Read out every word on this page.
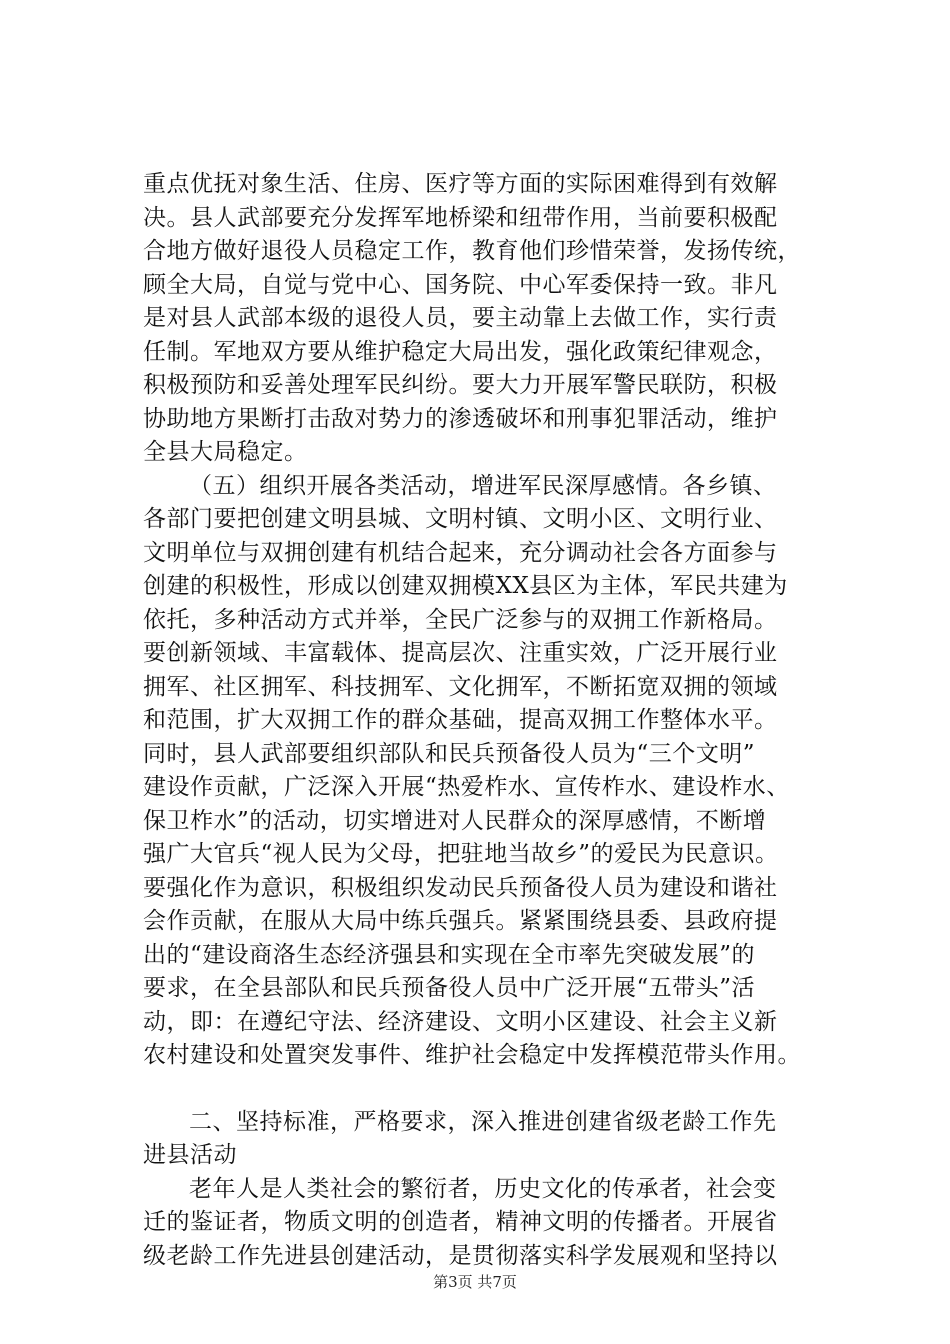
重点优抚对象生活、住房、医疗等方面的实际困难得到有效解
决。县人武部要充分发挥军地桥梁和纽带作用，当前要积极配
合地方做好退役人员稳定工作，教育他们珍惜荣誉，发扬传统，
顾全大局，自觉与党中心、国务院、中心军委保持一致。非凡
是对县人武部本级的退役人员，要主动靠上去做工作，实行责
任制。军地双方要从维护稳定大局出发，强化政策纪律观念，
积极预防和妥善处理军民纠纷。要大力开展军警民联防，积极
协助地方果断打击敌对势力的渗透破坏和刑事犯罪活动，维护
全县大局稳定。
（五）组织开展各类活动，增进军民深厚感情。各乡镇、
各部门要把创建文明县城、文明村镇、文明小区、文明行业、
文明单位与双拥创建有机结合起来，充分调动社会各方面参与
创建的积极性，形成以创建双拥模XX县区为主体，军民共建为
依托，多种活动方式并举，全民广泛参与的双拥工作新格局。
要创新领域、丰富载体、提高层次、注重实效，广泛开展行业
拥军、社区拥军、科技拥军、文化拥军，不断拓宽双拥的领域
和范围，扩大双拥工作的群众基础，提高双拥工作整体水平。
同时，县人武部要组织部队和民兵预备役人员为“三个文明”
建设作贡献，广泛深入开展“热爱柞水、宣传柞水、建设柞水、
保卫柞水”的活动，切实增进对人民群众的深厚感情，不断增
强广大官兵“视人民为父母，把驻地当故乡”的爱民为民意识。
要强化作为意识，积极组织发动民兵预备役人员为建设和谐社
会作贡献，在服从大局中练兵强兵。紧紧围绕县委、县政府提
出的“建设商洛生态经济强县和实现在全市率先突破发展”的
要求，在全县部队和民兵预备役人员中广泛开展“五带头”活
动，即：在遵纪守法、经济建设、文明小区建设、社会主义新
农村建设和处置突发事件、维护社会稳定中发挥模范带头作用。
二、坚持标准，严格要求，深入推进创建省级老龄工作先
进县活动
老年人是人类社会的繁衍者，历史文化的传承者，社会变
迁的鉴证者，物质文明的创造者，精神文明的传播者。开展省
级老龄工作先进县创建活动，是贯彻落实科学发展观和坚持以
第3页 共7页
